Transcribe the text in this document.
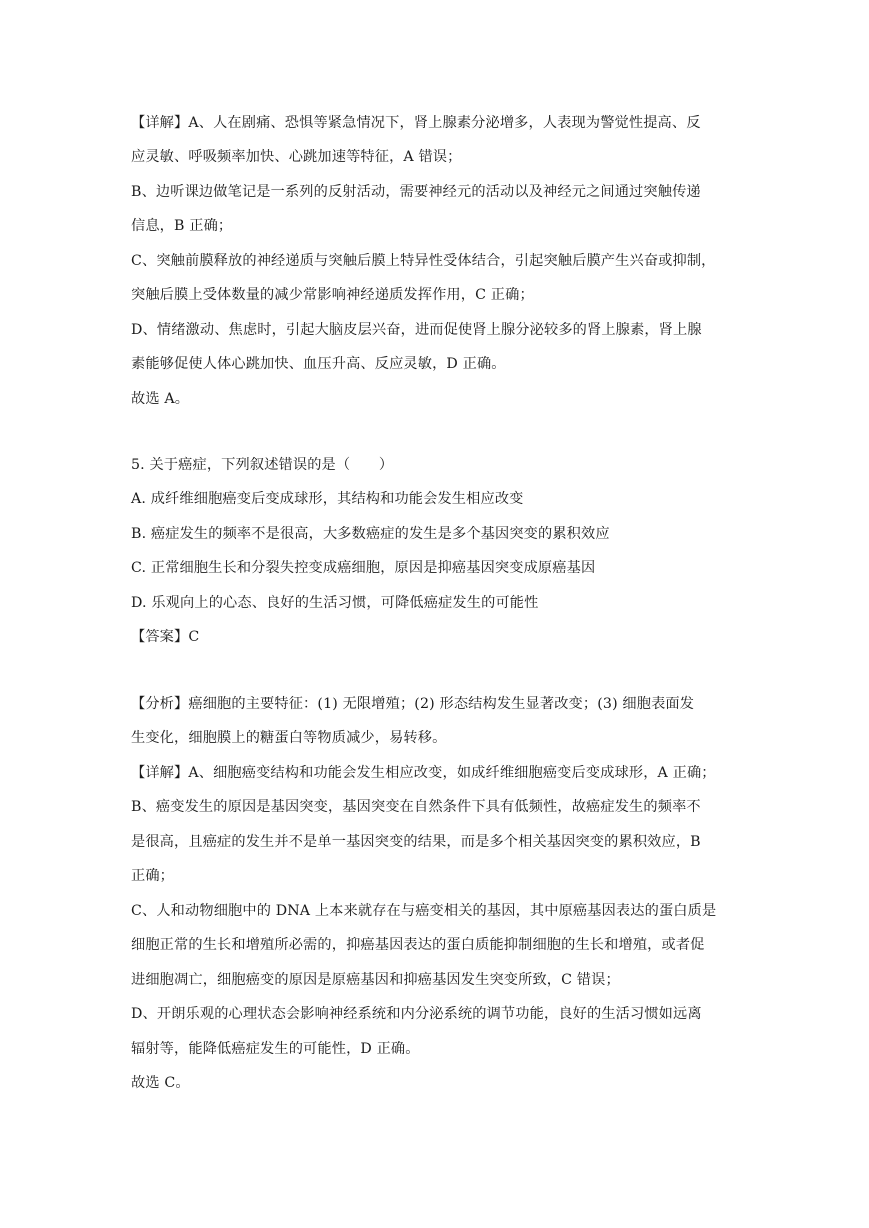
【详解】A、人在剧痛、恐惧等紧急情况下，肾上腺素分泌增多，人表现为警觉性提高、反
应灵敏、呼吸频率加快、心跳加速等特征，A 错误；
B、边听课边做笔记是一系列的反射活动，需要神经元的活动以及神经元之间通过突触传递
信息，B 正确；
C、突触前膜释放的神经递质与突触后膜上特异性受体结合，引起突触后膜产生兴奋或抑制，
突触后膜上受体数量的减少常影响神经递质发挥作用，C 正确；
D、情绪激动、焦虑时，引起大脑皮层兴奋，进而促使肾上腺分泌较多的肾上腺素，肾上腺
素能够促使人体心跳加快、血压升高、反应灵敏，D 正确。
故选 A。
5. 关于癌症，下列叙述错误的是（　　）
A. 成纤维细胞癌变后变成球形，其结构和功能会发生相应改变
B. 癌症发生的频率不是很高，大多数癌症的发生是多个基因突变的累积效应
C. 正常细胞生长和分裂失控变成癌细胞，原因是抑癌基因突变成原癌基因
D. 乐观向上的心态、良好的生活习惯，可降低癌症发生的可能性
【答案】C
【分析】癌细胞的主要特征：(1) 无限增殖；(2) 形态结构发生显著改变；(3) 细胞表面发
生变化，细胞膜上的糖蛋白等物质减少，易转移。
【详解】A、细胞癌变结构和功能会发生相应改变，如成纤维细胞癌变后变成球形，A 正确；
B、癌变发生的原因是基因突变，基因突变在自然条件下具有低频性，故癌症发生的频率不
是很高，且癌症的发生并不是单一基因突变的结果，而是多个相关基因突变的累积效应，B
正确；
C、人和动物细胞中的 DNA 上本来就存在与癌变相关的基因，其中原癌基因表达的蛋白质是
细胞正常的生长和增殖所必需的，抑癌基因表达的蛋白质能抑制细胞的生长和增殖，或者促
进细胞凋亡，细胞癌变的原因是原癌基因和抑癌基因发生突变所致，C 错误；
D、开朗乐观的心理状态会影响神经系统和内分泌系统的调节功能，良好的生活习惯如远离
辐射等，能降低癌症发生的可能性，D 正确。
故选 C。
